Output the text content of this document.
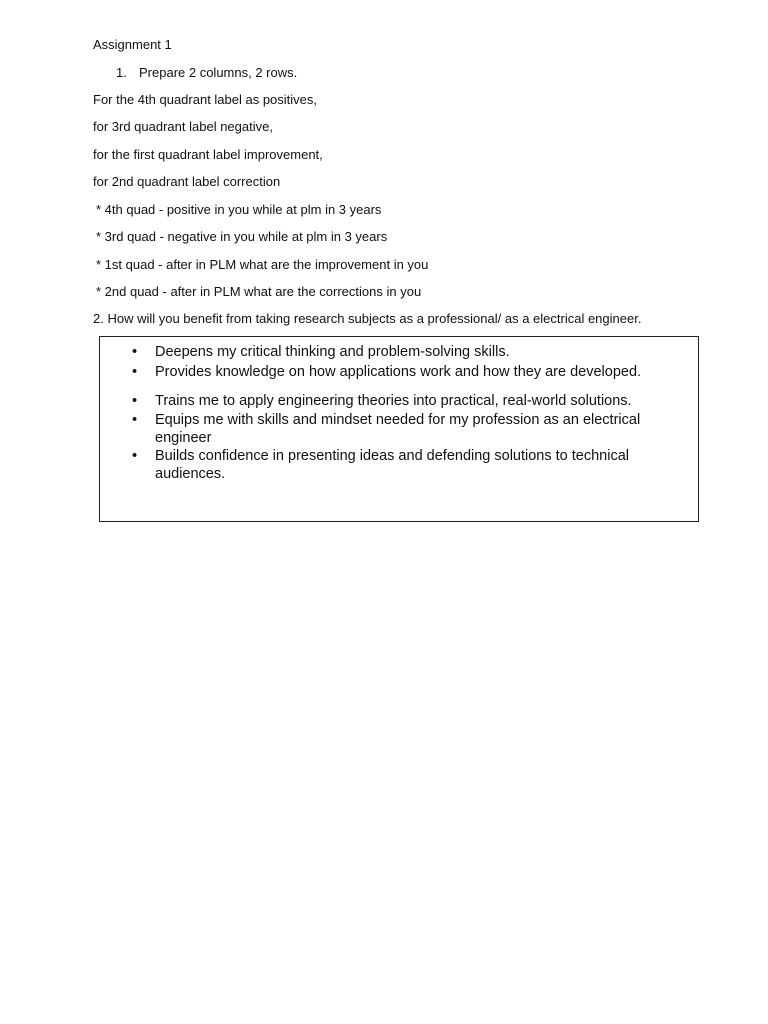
Assignment 1
1. Prepare 2 columns, 2 rows.
For the 4th quadrant label as positives,
for 3rd quadrant label negative,
for the first quadrant label improvement,
for 2nd quadrant label correction
* 4th quad - positive in you while at plm in 3 years
* 3rd quad - negative in you while at plm in 3 years
* 1st quad - after in PLM what are the improvement in you
* 2nd quad - after in PLM what are the corrections in you
2. How will you benefit from taking research subjects as a professional/ as a electrical engineer.
•	Deepens my critical thinking and problem-solving skills.
•	Provides knowledge on how applications work and how they are developed.
•	Trains me to apply engineering theories into practical, real-world solutions.
•	Equips me with skills and mindset needed for my profession as an electrical engineer
•	Builds confidence in presenting ideas and defending solutions to technical audiences.
